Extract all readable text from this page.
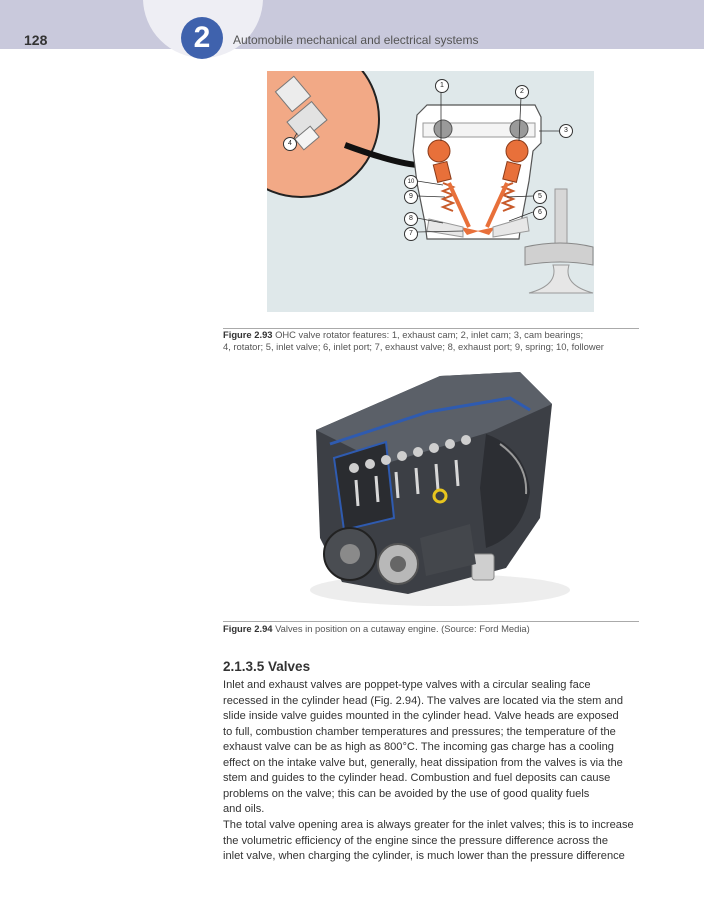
2
128	Automobile mechanical and electrical systems
1
2
3
4
5
6
7
8
9
10
Figure 2.93 OHC valve rotator features: 1, exhaust cam; 2, inlet cam; 3, cam bearings;
4, rotator; 5, inlet valve; 6, inlet port; 7, exhaust valve; 8, exhaust port; 9, spring; 10, follower
Figure 2.94 Valves in position on a cutaway engine. (Source: Ford Media)
2.1.3.5 Valves

Inlet and exhaust valves are poppet-type valves with a circular sealing face

recessed in the cylinder head (Fig. 2.94). The valves are located via the stem and

slide inside valve guides mounted in the cylinder head. Valve heads are exposed

to full, combustion chamber temperatures and pressures; the temperature of the

exhaust valve can be as high as 800°C. The incoming gas charge has a cooling

effect on the intake valve but, generally, heat dissipation from the valves is via the

stem and guides to the cylinder head. Combustion and fuel deposits can cause

problems on the valve; this can be avoided by the use of good quality fuels

and oils.

The total valve opening area is always greater for the inlet valves; this is to increase

the volumetric efficiency of the engine since the pressure difference across the

inlet valve, when charging the cylinder, is much lower than the pressure difference
